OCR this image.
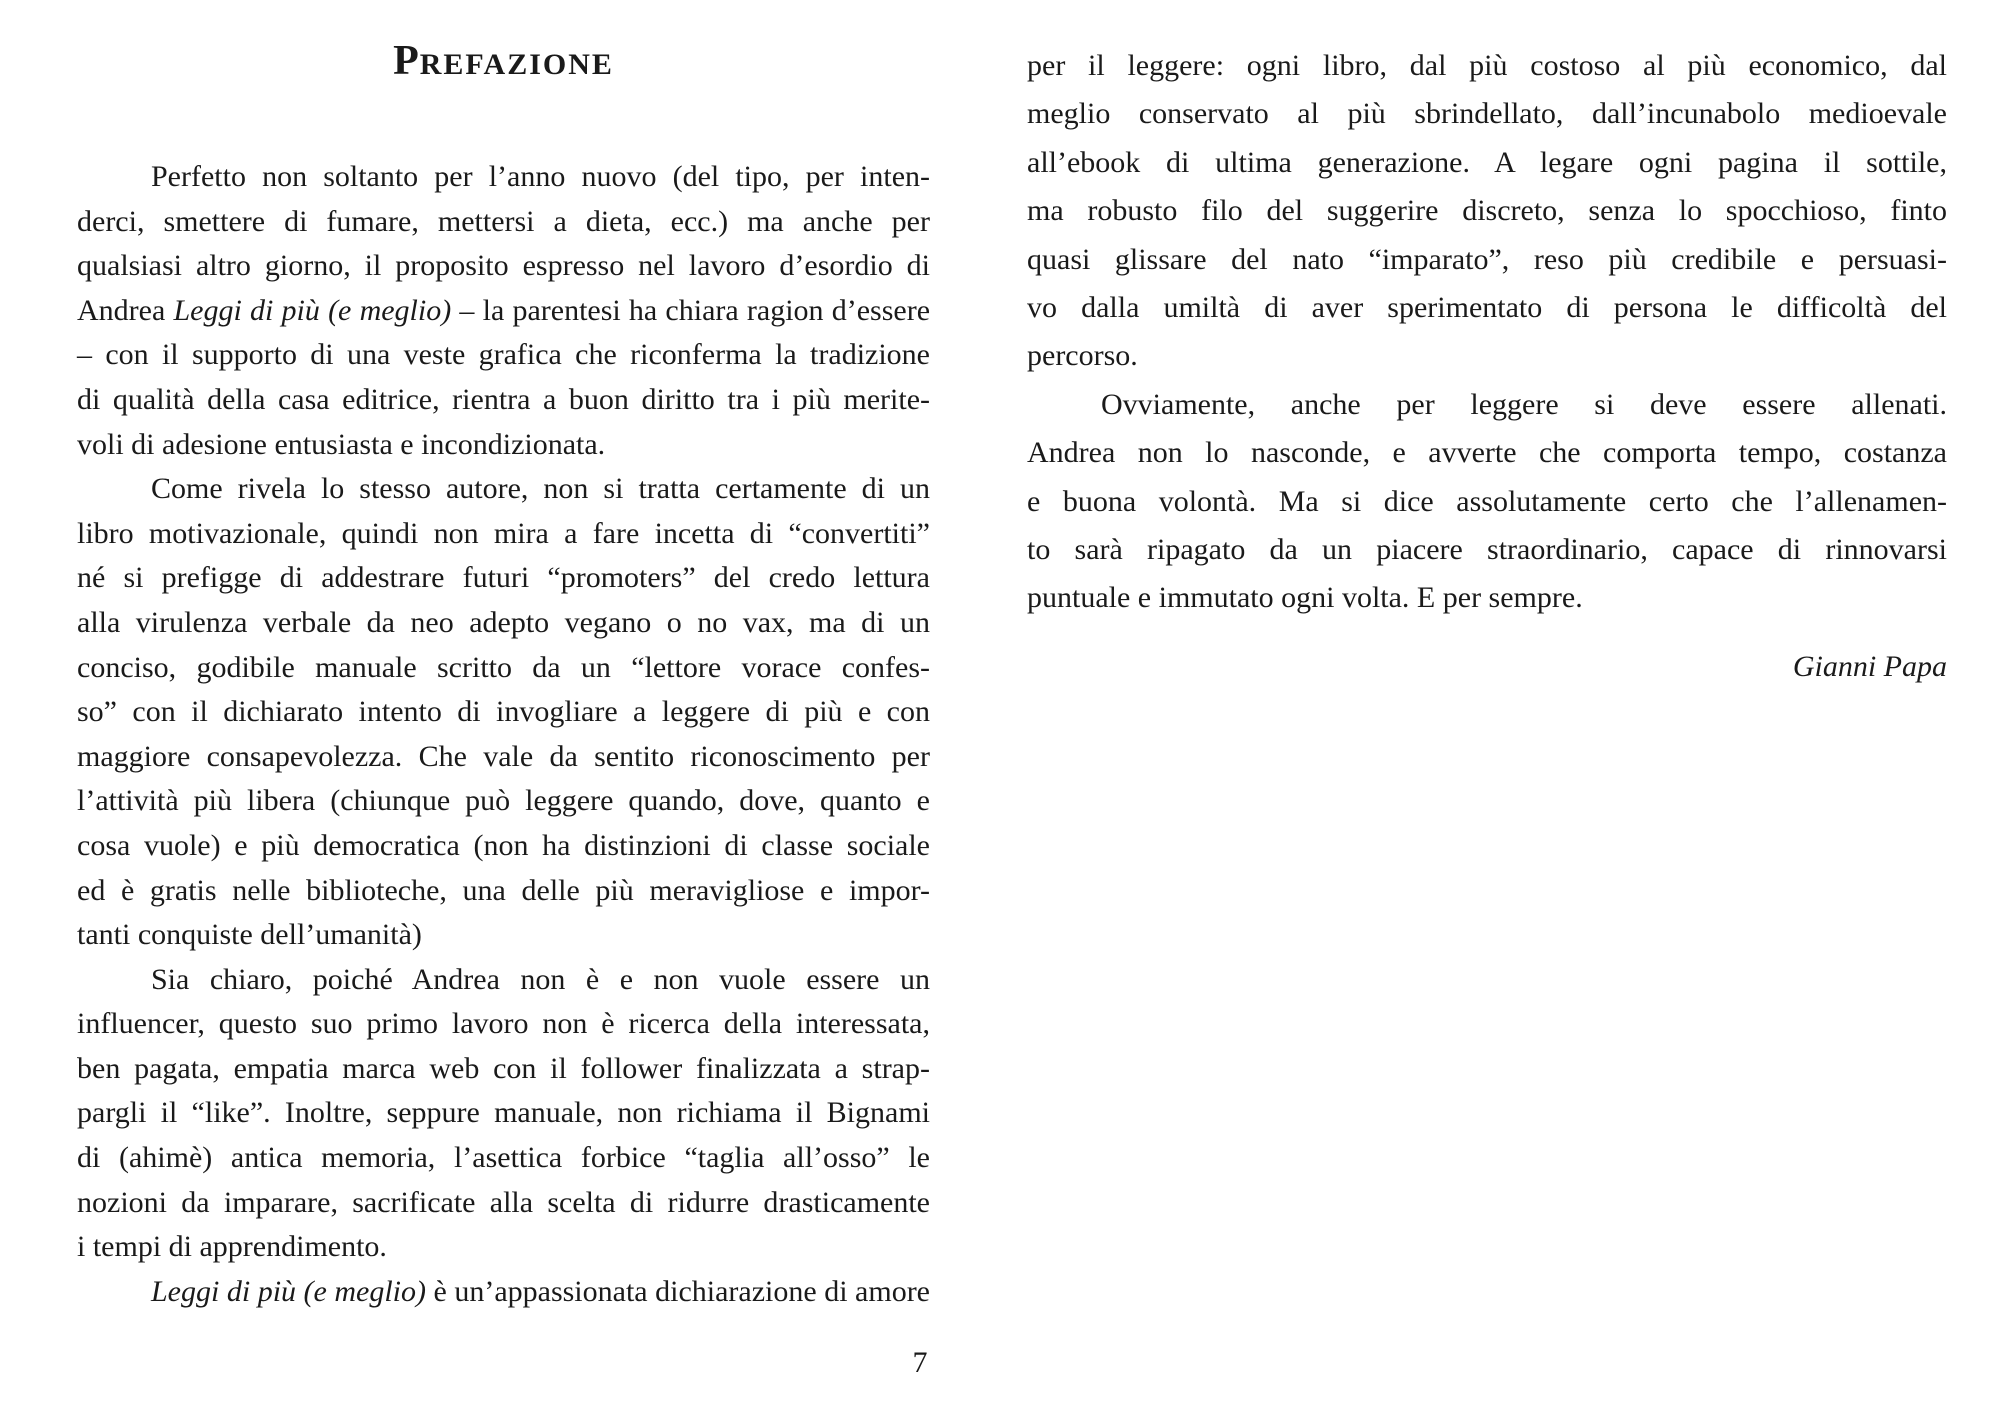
PREFAZIONE
Perfetto non soltanto per l’anno nuovo (del tipo, per inten-
derci, smettere di fumare, mettersi a dieta, ecc.) ma anche per
qualsiasi altro giorno, il proposito espresso nel lavoro d’esordio di
Andrea Leggi di più (e meglio) – la parentesi ha chiara ragion d’essere
– con il supporto di una veste grafica che riconferma la tradizione
di qualità della casa editrice, rientra a buon diritto tra i più merite-
voli di adesione entusiasta e incondizionata.
Come rivela lo stesso autore, non si tratta certamente di un
libro motivazionale, quindi non mira a fare incetta di “convertiti”
né si prefigge di addestrare futuri “promoters” del credo lettura
alla virulenza verbale da neo adepto vegano o no vax, ma di un
conciso, godibile manuale scritto da un “lettore vorace confes-
so” con il dichiarato intento di invogliare a leggere di più e con
maggiore consapevolezza. Che vale da sentito riconoscimento per
l’attività più libera (chiunque può leggere quando, dove, quanto e
cosa vuole) e più democratica (non ha distinzioni di classe sociale
ed è gratis nelle biblioteche, una delle più meravigliose e impor-
tanti conquiste dell’umanità)
Sia chiaro, poiché Andrea non è e non vuole essere un
influencer, questo suo primo lavoro non è ricerca della interessata,
ben pagata, empatia marca web con il follower finalizzata a strap-
pargli il “like”. Inoltre, seppure manuale, non richiama il Bignami
di (ahimè) antica memoria, l’asettica forbice “taglia all’osso” le
nozioni da imparare, sacrificate alla scelta di ridurre drasticamente
i tempi di apprendimento.
Leggi di più (e meglio) è un’appassionata dichiarazione di amore
per il leggere: ogni libro, dal più costoso al più economico, dal
meglio conservato al più sbrindellato, dall’incunabolo medioevale
all’ebook di ultima generazione. A legare ogni pagina il sottile,
ma robusto filo del suggerire discreto, senza lo spocchioso, finto
quasi glissare del nato “imparato”, reso più credibile e persuasi-
vo dalla umiltà di aver sperimentato di persona le difficoltà del
percorso.
Ovviamente, anche per leggere si deve essere allenati.
Andrea non lo nasconde, e avverte che comporta tempo, costanza
e buona volontà. Ma si dice assolutamente certo che l’allenamen-
to sarà ripagato da un piacere straordinario, capace di rinnovarsi
puntuale e immutato ogni volta. E per sempre.
Gianni Papa
7
